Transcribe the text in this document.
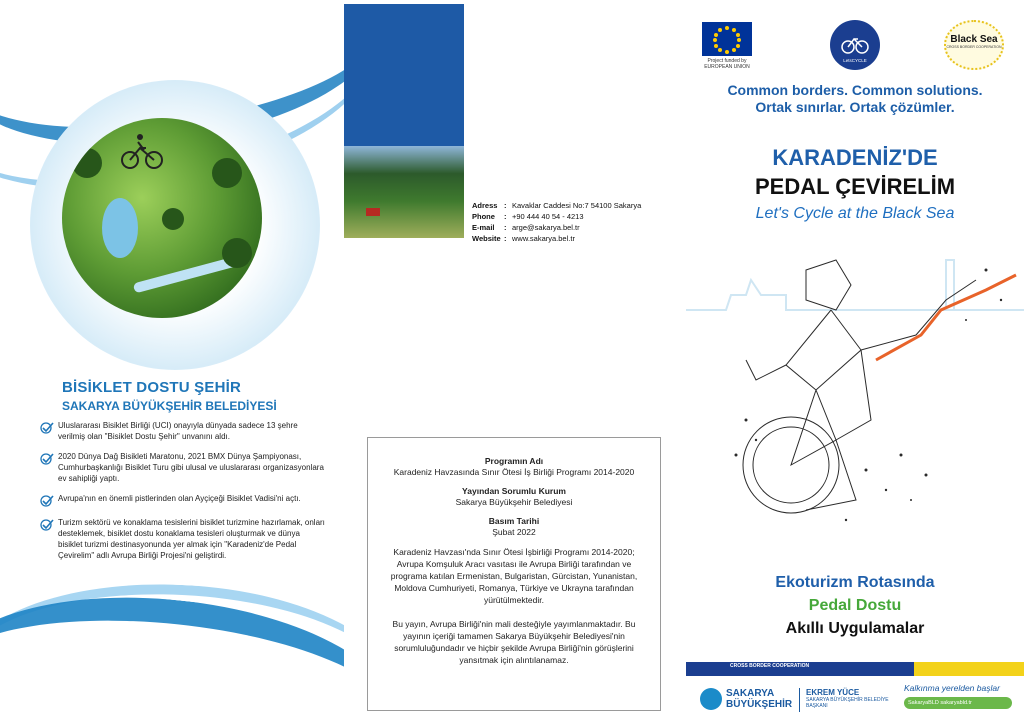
BİSİKLET DOSTU ŞEHİR
SAKARYA BÜYÜKŞEHİR BELEDİYESİ

Uluslararası Bisiklet Birliği (UCI) onayıyla dünyada sadece 13 şehre verilmiş olan "Bisiklet Dostu Şehir" unvanını aldı.

2020 Dünya Dağ Bisikleti Maratonu, 2021 BMX Dünya Şampiyonası, Cumhurbaşkanlığı Bisiklet Turu gibi ulusal ve uluslararası organizasyonlara ev sahipliği yaptı.

Avrupa'nın en önemli pistlerinden olan Ayçiçeği Bisiklet Vadisi'ni açtı.

Turizm sektörü ve konaklama tesislerini bisiklet turizmine hazırlamak, onları desteklemek, bisiklet dostu konaklama tesisleri oluşturmak ve dünya bisiklet turizmi destinasyonunda yer almak için "Karadeniz'de Pedal Çevirelim" adlı Avrupa Birliği Projesi'ni geliştirdi.

Adress : Kavaklar Caddesi No:7 54100 Sakarya
Phone	: +90 444 40 54 - 4213
E-mail	: arge@sakarya.bel.tr
Website : www.sakarya.bel.tr
Programın Adı
Karadeniz Havzasında Sınır Ötesi İş Birliği Programı 2014-2020
Yayından Sorumlu Kurum
Sakarya Büyükşehir Belediyesi
Basım Tarihi
Şubat 2022
Karadeniz Havzası'nda Sınır Ötesi İşbirliği Programı 2014-2020; Avrupa Komşuluk Aracı vasıtası ile Avrupa Birliği tarafından ve programa katılan Ermenistan, Bulgaristan, Gürcistan, Yunanistan, Moldova Cumhuriyeti, Romanya, Türkiye ve Ukrayna tarafından yürütülmektedir.
Bu yayın, Avrupa Birliği'nin mali desteğiyle yayımlanmaktadır. Bu yayının içeriği tamamen Sakarya Büyükşehir Belediyesi'nin sorumluluğundadır ve hiçbir şekilde Avrupa Birliği'nin görüşlerini yansıtmak için alıntılanamaz.
Project funded by EUROPEAN UNION
LetsCYCLE
Black Sea
CROSS BORDER COOPERATION
Common borders. Common solutions.
Ortak sınırlar. Ortak çözümler.
KARADENİZ'DE
PEDAL ÇEVİRELİM
Let's Cycle at the Black Sea
Ekoturizm Rotasında
Pedal Dostu
Akıllı Uygulamalar
CROSS BORDER COOPERATION
SAKARYA
BÜYÜKŞEHİR
EKREM YÜCE
SAKARYA BÜYÜKŞEHİR BELEDİYE BAŞKANI
Kalkınma yerelden başlar
SakaryaBLD sakaryabld.tr
